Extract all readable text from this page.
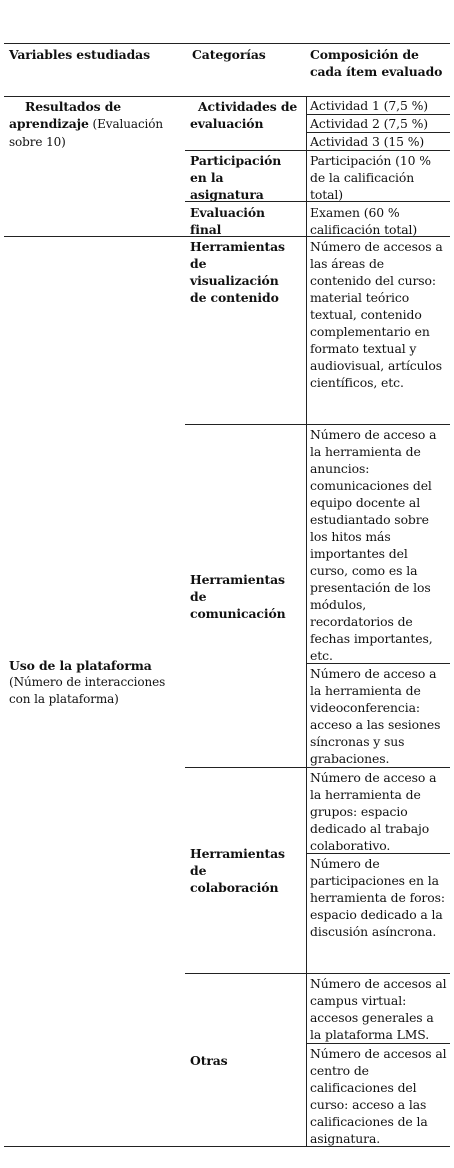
Variables estudiadas	Categorías	Composición de cada ítem evaluado
Resultados de aprendizaje (Evaluación sobre 10)
Actividades de evaluación
Actividad 1 (7,5 %)
Actividad 2 (7,5 %)
Actividad 3 (15 %)
Participación en la asignatura
Participación (10 % de la calificación total)
Evaluación final
Examen (60 % calificación total)
Uso de la plataforma
(Número de interacciones con la plataforma)
Herramientas de visualización de contenido
Número de accesos a las áreas de contenido del curso: material teórico textual, contenido complementario en formato textual y audiovisual, artículos científicos, etc.
Herramientas de comunicación
Número de acceso a la herramienta de anuncios: comunicaciones del equipo docente al estudiantado sobre los hitos más importantes del curso, como es la presentación de los módulos, recordatorios de fechas importantes, etc.
Número de acceso a la herramienta de videoconferencia: acceso a las sesiones síncronas y sus grabaciones.
Herramientas de colaboración
Número de acceso a la herramienta de grupos: espacio dedicado al trabajo colaborativo.
Número de participaciones en la herramienta de foros: espacio dedicado a la discusión asíncrona.
Otras
Número de accesos al campus virtual: accesos generales a la plataforma LMS.
Número de accesos al centro de calificaciones del curso: acceso a las calificaciones de la asignatura.
